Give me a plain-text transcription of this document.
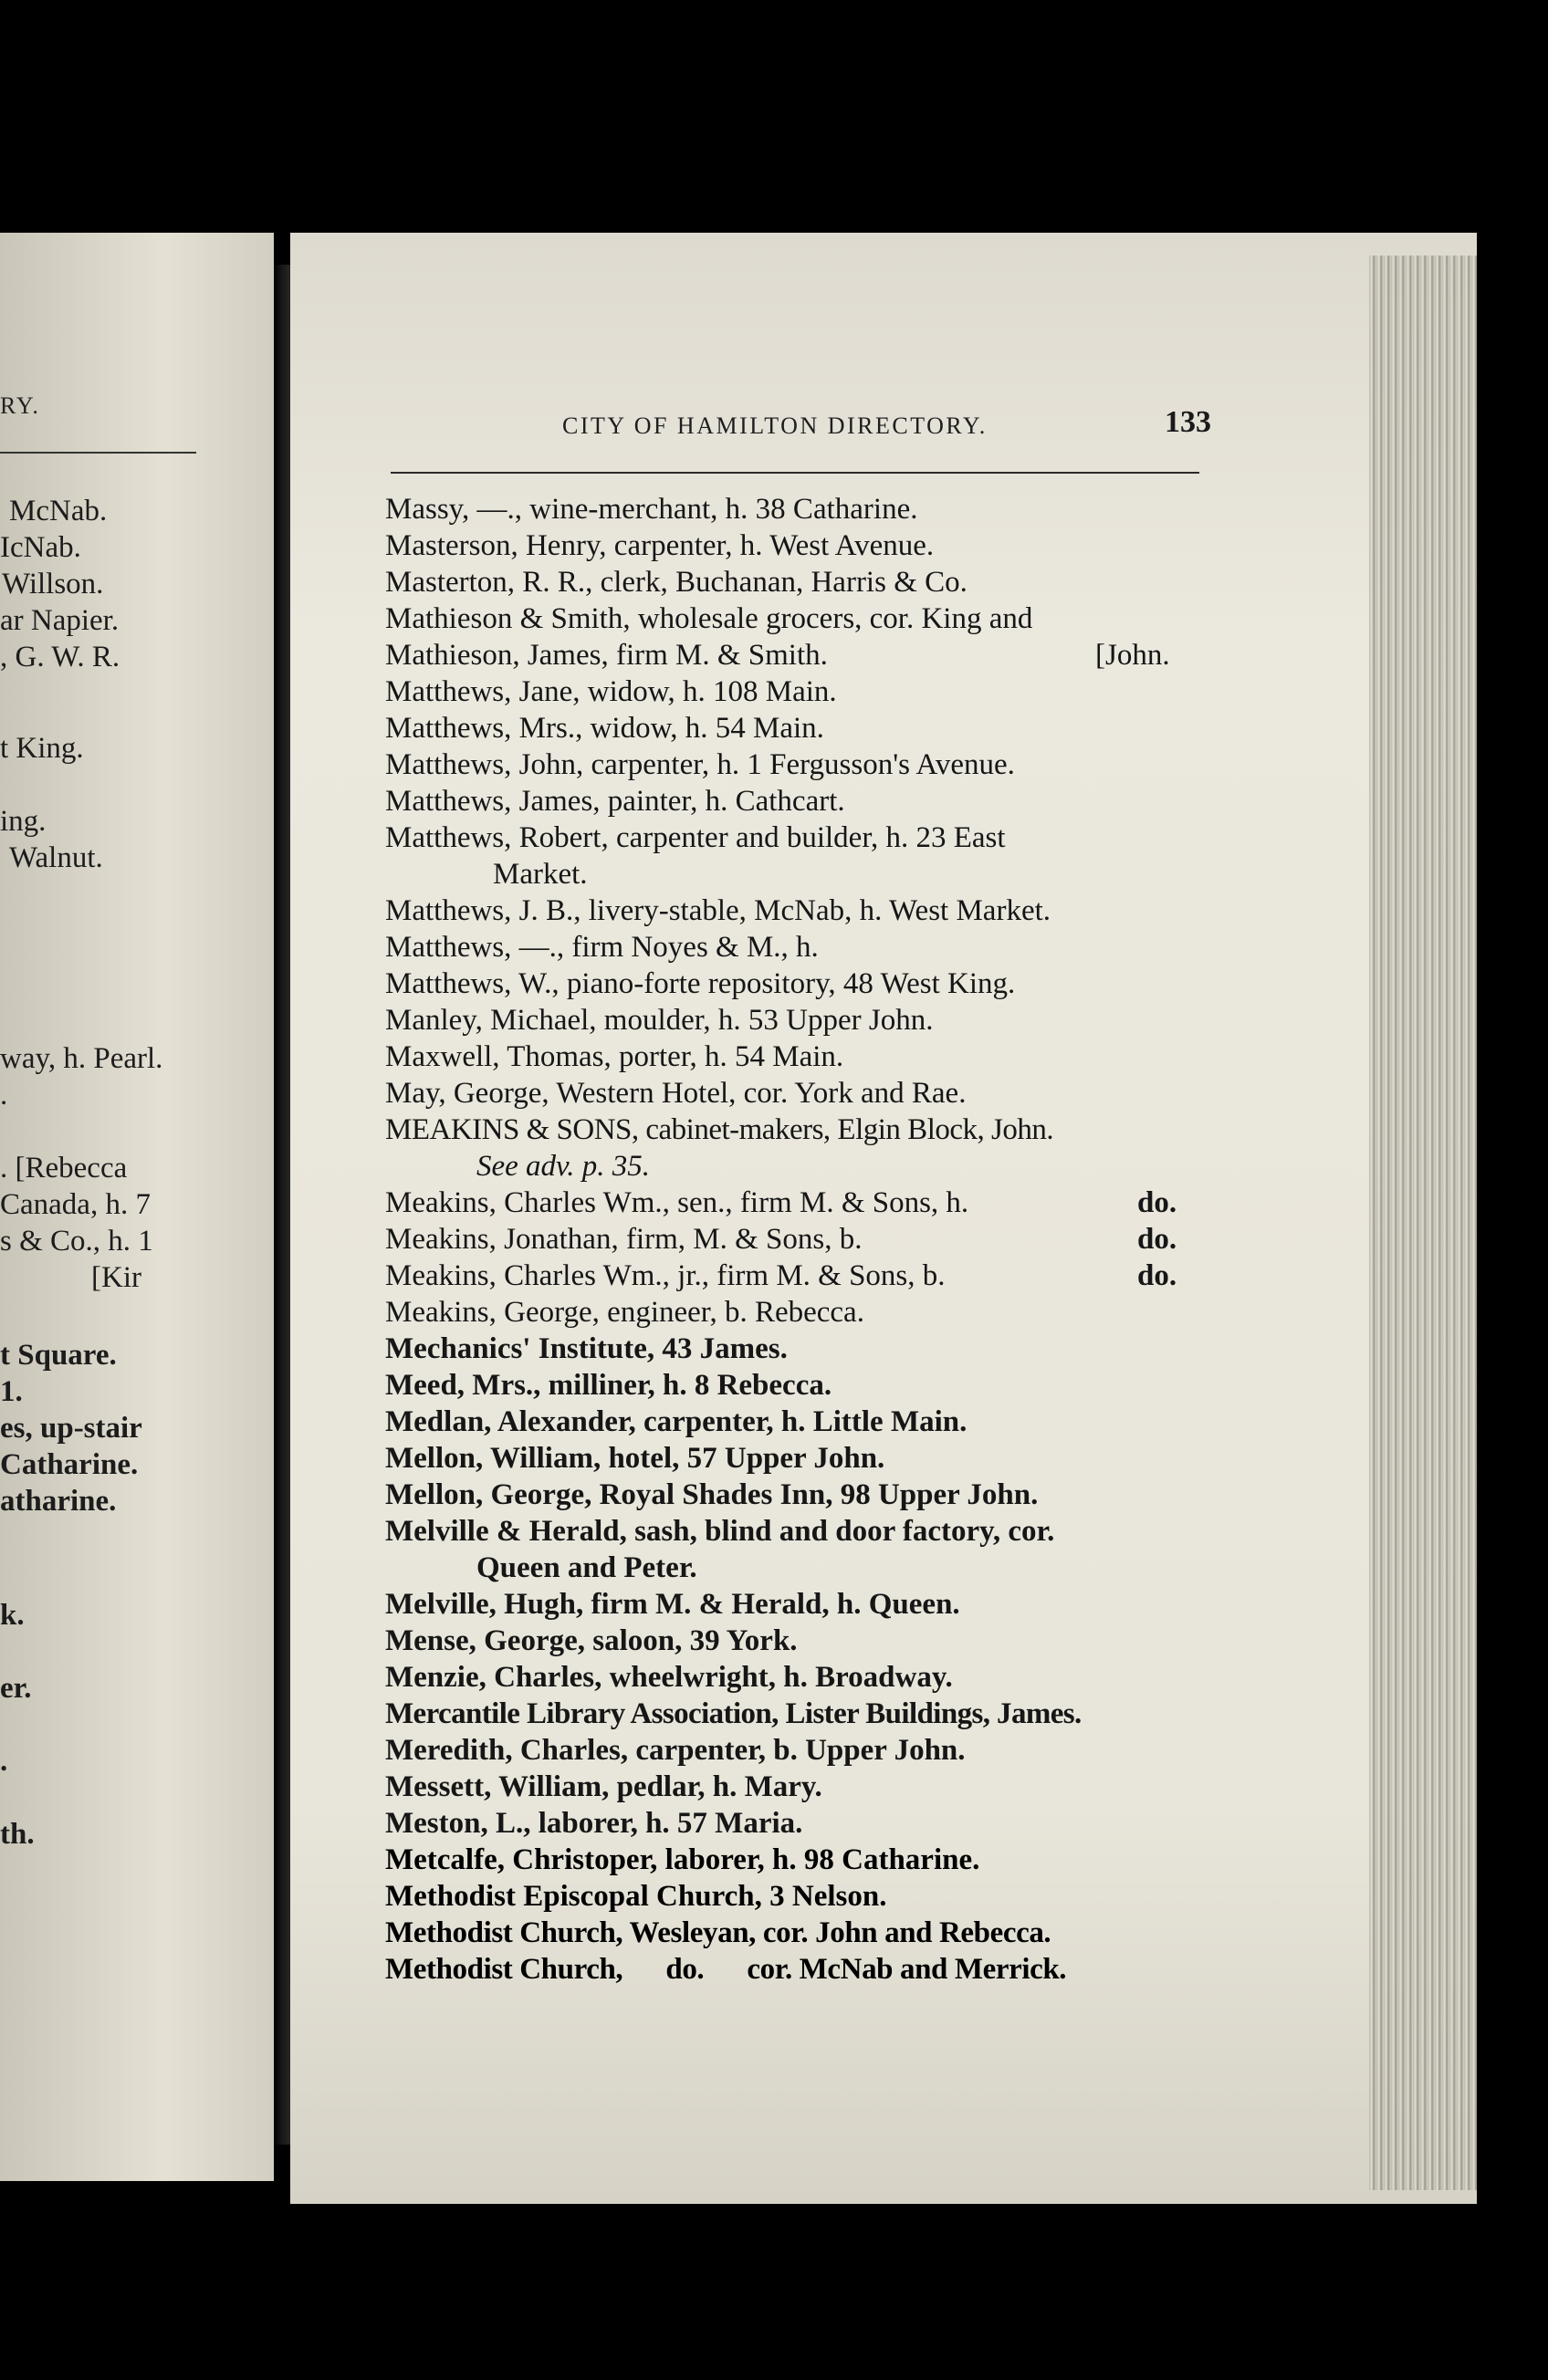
RY.
McNab.
IcNab.
Willson.
ar Napier.
, G. W. R.
t King.
ing.
Walnut.
way, h. Pearl.
.
. [Rebecca
Canada, h. 7
s & Co., h. 1
[Kir
t Square.
1.
es, up-stair
Catharine.
atharine.
k.
er.
.
th.
CITY OF HAMILTON DIRECTORY.	133
Massy, —., wine-merchant, h. 38 Catharine.
Masterson, Henry, carpenter, h. West Avenue.
Masterton, R. R., clerk, Buchanan, Harris & Co.
Mathieson & Smith, wholesale grocers, cor. King and
Mathieson, James, firm M. & Smith.
Matthews, Jane, widow, h. 108 Main.
Matthews, Mrs., widow, h. 54 Main.
Matthews, John, carpenter, h. 1 Fergusson's Avenue.
Matthews, James, painter, h. Cathcart.
Matthews, Robert, carpenter and builder, h. 23 East
Market.
Matthews, J. B., livery-stable, McNab, h. West Market.
Matthews, —., firm Noyes & M., h.
Matthews, W., piano-forte repository, 48 West King.
Manley, Michael, moulder, h. 53 Upper John.
Maxwell, Thomas, porter, h. 54 Main.
May, George, Western Hotel, cor. York and Rae.
MEAKINS & SONS, cabinet-makers, Elgin Block, John.
See adv. p. 35.
Meakins, Charles Wm., sen., firm M. & Sons, h.
Meakins, Jonathan, firm, M. & Sons, b.
Meakins, Charles Wm., jr., firm M. & Sons, b.
Meakins, George, engineer, b. Rebecca.
Mechanics' Institute, 43 James.
Meed, Mrs., milliner, h. 8 Rebecca.
Medlan, Alexander, carpenter, h. Little Main.
Mellon, William, hotel, 57 Upper John.
Mellon, George, Royal Shades Inn, 98 Upper John.
Melville & Herald, sash, blind and door factory, cor.
Queen and Peter.
Melville, Hugh, firm M. & Herald, h. Queen.
Mense, George, saloon, 39 York.
Menzie, Charles, wheelwright, h. Broadway.
Mercantile Library Association, Lister Buildings, James.
Meredith, Charles, carpenter, b. Upper John.
Messett, William, pedlar, h. Mary.
Meston, L., laborer, h. 57 Maria.
Metcalfe, Christoper, laborer, h. 98 Catharine.
Methodist Episcopal Church, 3 Nelson.
Methodist Church, Wesleyan, cor. John and Rebecca.
Methodist Church,      do.      cor. McNab and Merrick.
[John.
do.
do.
do.
